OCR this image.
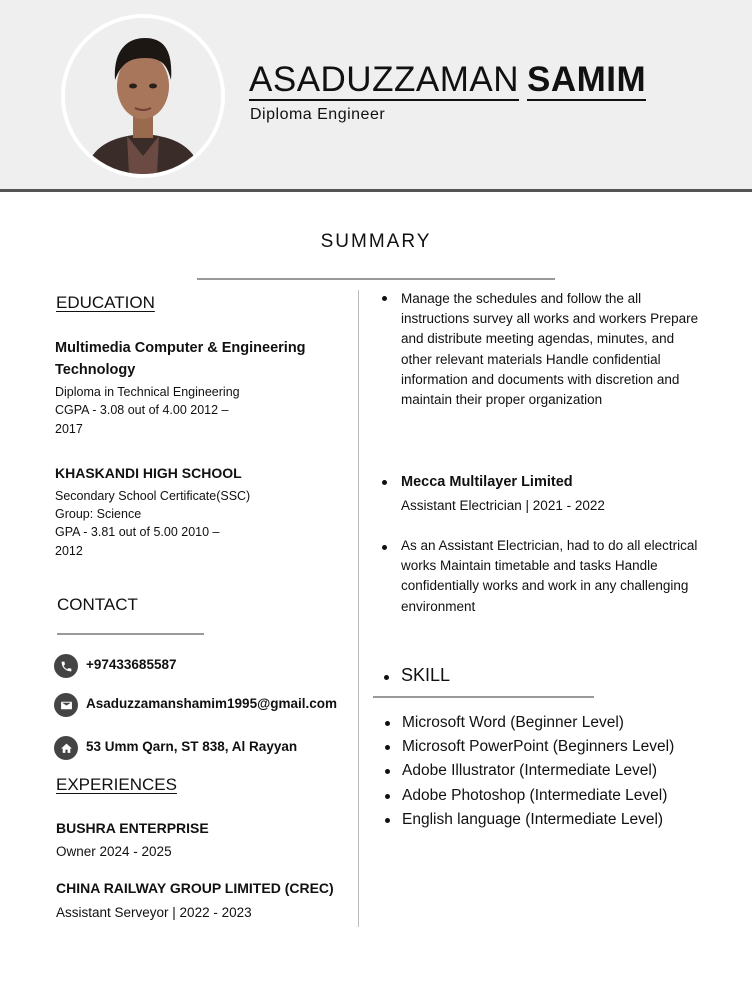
ASADUZZAMAN SAMIM
Diploma Engineer
SUMMARY
EDUCATION
Multimedia Computer & Engineering Technology
Diploma in Technical Engineering
CGPA - 3.08 out of 4.00 2012 –
2017
KHASKANDI HIGH SCHOOL
Secondary School Certificate(SSC)
Group: Science
GPA - 3.81 out of 5.00 2010 –
2012
CONTACT
+97433685587
Asaduzzamanshamim1995@gmail.com
53 Umm Qarn, ST 838, Al Rayyan
EXPERIENCES
BUSHRA ENTERPRISE
Owner 2024 - 2025
CHINA RAILWAY GROUP LIMITED (CREC)
Assistant Serveyor | 2022 - 2023
Manage the schedules and follow the all instructions survey all works and workers Prepare and distribute meeting agendas, minutes, and other relevant materials Handle confidential information and documents with discretion and maintain their proper organization
Mecca Multilayer Limited
Assistant Electrician | 2021 - 2022
As an Assistant Electrician, had to do all electrical works Maintain timetable and tasks Handle confidentially works and work in any challenging environment
SKILL
Microsoft Word (Beginner Level)
Microsoft PowerPoint (Beginners Level)
Adobe Illustrator (Intermediate Level)
Adobe Photoshop (Intermediate Level)
English language (Intermediate Level)
